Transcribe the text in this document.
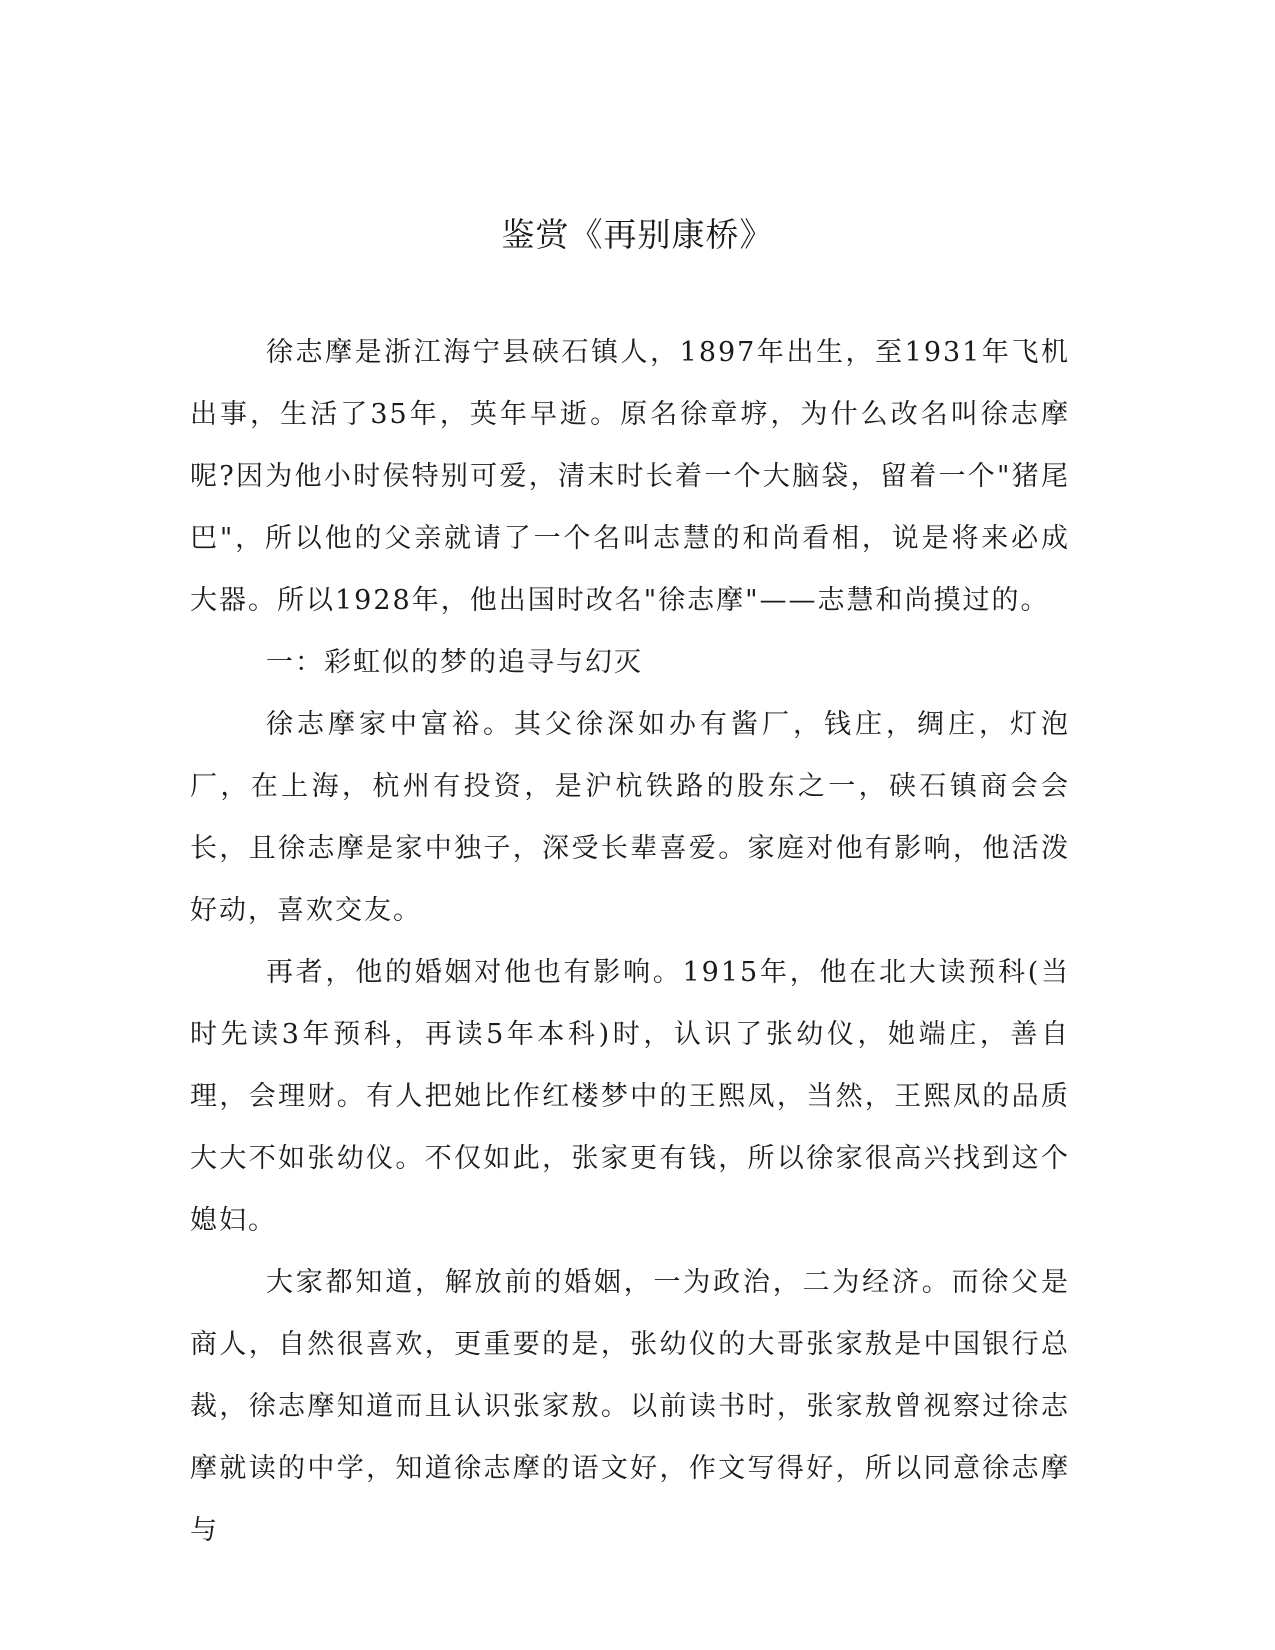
鉴赏《再别康桥》

徐志摩是浙江海宁县硖石镇人，1897年出生，至1931年飞机出事，生活了35年，英年早逝。原名徐章垿，为什么改名叫徐志摩呢?因为他小时侯特别可爱，清末时长着一个大脑袋，留着一个"猪尾巴"，所以他的父亲就请了一个名叫志慧的和尚看相，说是将来必成大器。所以1928年，他出国时改名"徐志摩"——志慧和尚摸过的。

一：彩虹似的梦的追寻与幻灭

徐志摩家中富裕。其父徐深如办有酱厂，钱庄，绸庄，灯泡厂，在上海，杭州有投资，是沪杭铁路的股东之一，硖石镇商会会长，且徐志摩是家中独子，深受长辈喜爱。家庭对他有影响，他活泼好动，喜欢交友。

再者，他的婚姻对他也有影响。1915年，他在北大读预科(当时先读3年预科，再读5年本科)时，认识了张幼仪，她端庄，善自理，会理财。有人把她比作红楼梦中的王熙凤，当然，王熙凤的品质大大不如张幼仪。不仅如此，张家更有钱，所以徐家很高兴找到这个媳妇。

大家都知道，解放前的婚姻，一为政治，二为经济。而徐父是商人，自然很喜欢，更重要的是，张幼仪的大哥张家敖是中国银行总裁，徐志摩知道而且认识张家敖。以前读书时，张家敖曾视察过徐志摩就读的中学，知道徐志摩的语文好，作文写得好，所以同意徐志摩与
